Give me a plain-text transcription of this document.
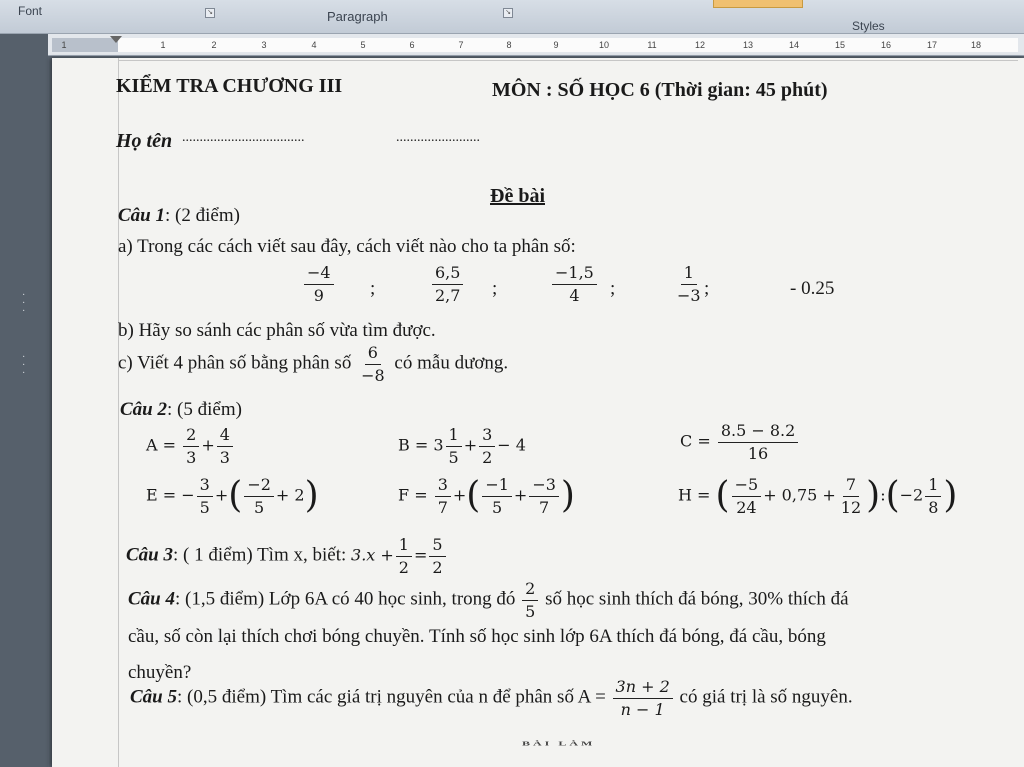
Font	↘	Paragraph	↘
Styles
1	1	2	3	4	5	6	7	8	9	10	11	12	13	14	15	16	17	18
·
·
·
·
·
·
KIỂM TRA CHƯƠNG III	MÔN : SỐ HỌC 6 (Thời gian: 45 phút)
Họ tên ...................................	........................
Đề bài
Câu 1: (2 điểm)
a) Trong các cách viết sau đây, cách viết nào cho ta phân số:
$\frac{-4}{9}$ ;	$\frac{6,5}{2,7}$ ;	$\frac{-1,5}{4}$ ;	$\frac{1}{-3}$ ;	- 0.25
b) Hãy so sánh các phân số vừa tìm được.
c) Viết 4 phân số bằng phân số $\frac{6}{-8}$ có mẫu dương.
Câu 2: (5 điểm)
$A = \frac{2}{3} + \frac{4}{3}$	$B = 3 \frac{1}{5} + \frac{3}{2} - 4$	$C = \frac{8.5 - 8.2}{16}$
E = − $\frac{3}{5}$ +( $\frac{-2}{5} + 2$)	$F = \frac{3}{7}$ +( $\frac{-1}{5} + \frac{-3}{7}$ )	H = ( $\frac{-5}{24} + 0,75 + \frac{7}{12}$ ):(−2 $\frac{1}{8}$ )
Câu 3: ( 1 điểm) Tìm x, biết: $3.x + \frac{1}{2} = \frac{5}{2}$
Câu 4: (1,5 điểm) Lớp 6A có 40 học sinh, trong đó $\frac{2}{5}$ số học sinh thích đá bóng, 30% thích đá
cầu, số còn lại thích chơi bóng chuyền. Tính số học sinh lớp 6A thích đá bóng, đá cầu, bóng
chuyền?
Câu 5: (0,5 điểm) Tìm các giá trị nguyên của n để phân số $A = \frac{3n + 2}{n - 1}$ có giá trị là số nguyên.
BÀI LÀM
